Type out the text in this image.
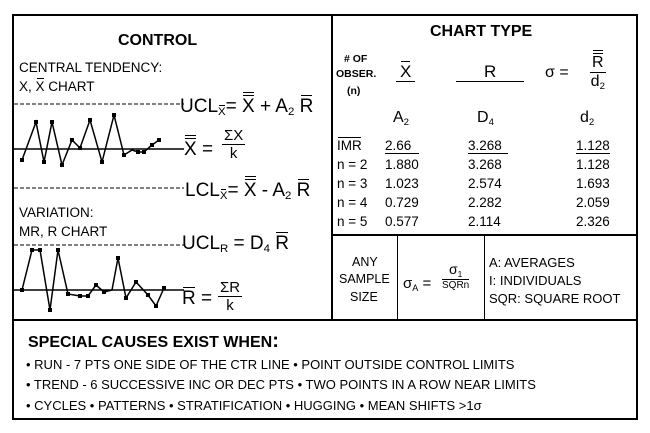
CONTROL
CENTRAL TENDENCY:
X, X CHART
$UCL_X= X + A_2$ R
$X = \frac{\Sigma X}{k}$
$LCL_X= X - A_2$ R
VARIATION:
MR, R CHART
$UCL_R = D_4$ R
$R = \frac{\Sigma R}{k}$
CHART TYPE
# OF
OBSER.
(n)
X	R	$\sigma = \frac{R}{d_2}$
$A_2$	$D_4$	$d_2$
IMR 2.66	3.268	1.128
n = 2 1.880	3.268	1.128
n = 3 1.023	2.574	1.693
n = 4 0.729	2.282	2.059
n = 5 0.577	2.114	2.326
ANY
SAMPLE
SIZE
$\sigma_A$ =
$\sigma_1$
SQRn
A: AVERAGES
I: INDIVIDUALS
SQR: SQUARE ROOT
SPECIAL CAUSES EXIST WHEN:
• RUN - 7 PTS ONE SIDE OF THE CTR LINE • POINT OUTSIDE CONTROL LIMITS
• TREND - 6 SUCCESSIVE INC OR DEC PTS • TWO POINTS IN A ROW NEAR LIMITS
• CYCLES • PATTERNS • STRATIFICATION • HUGGING • MEAN SHIFTS >1σ
